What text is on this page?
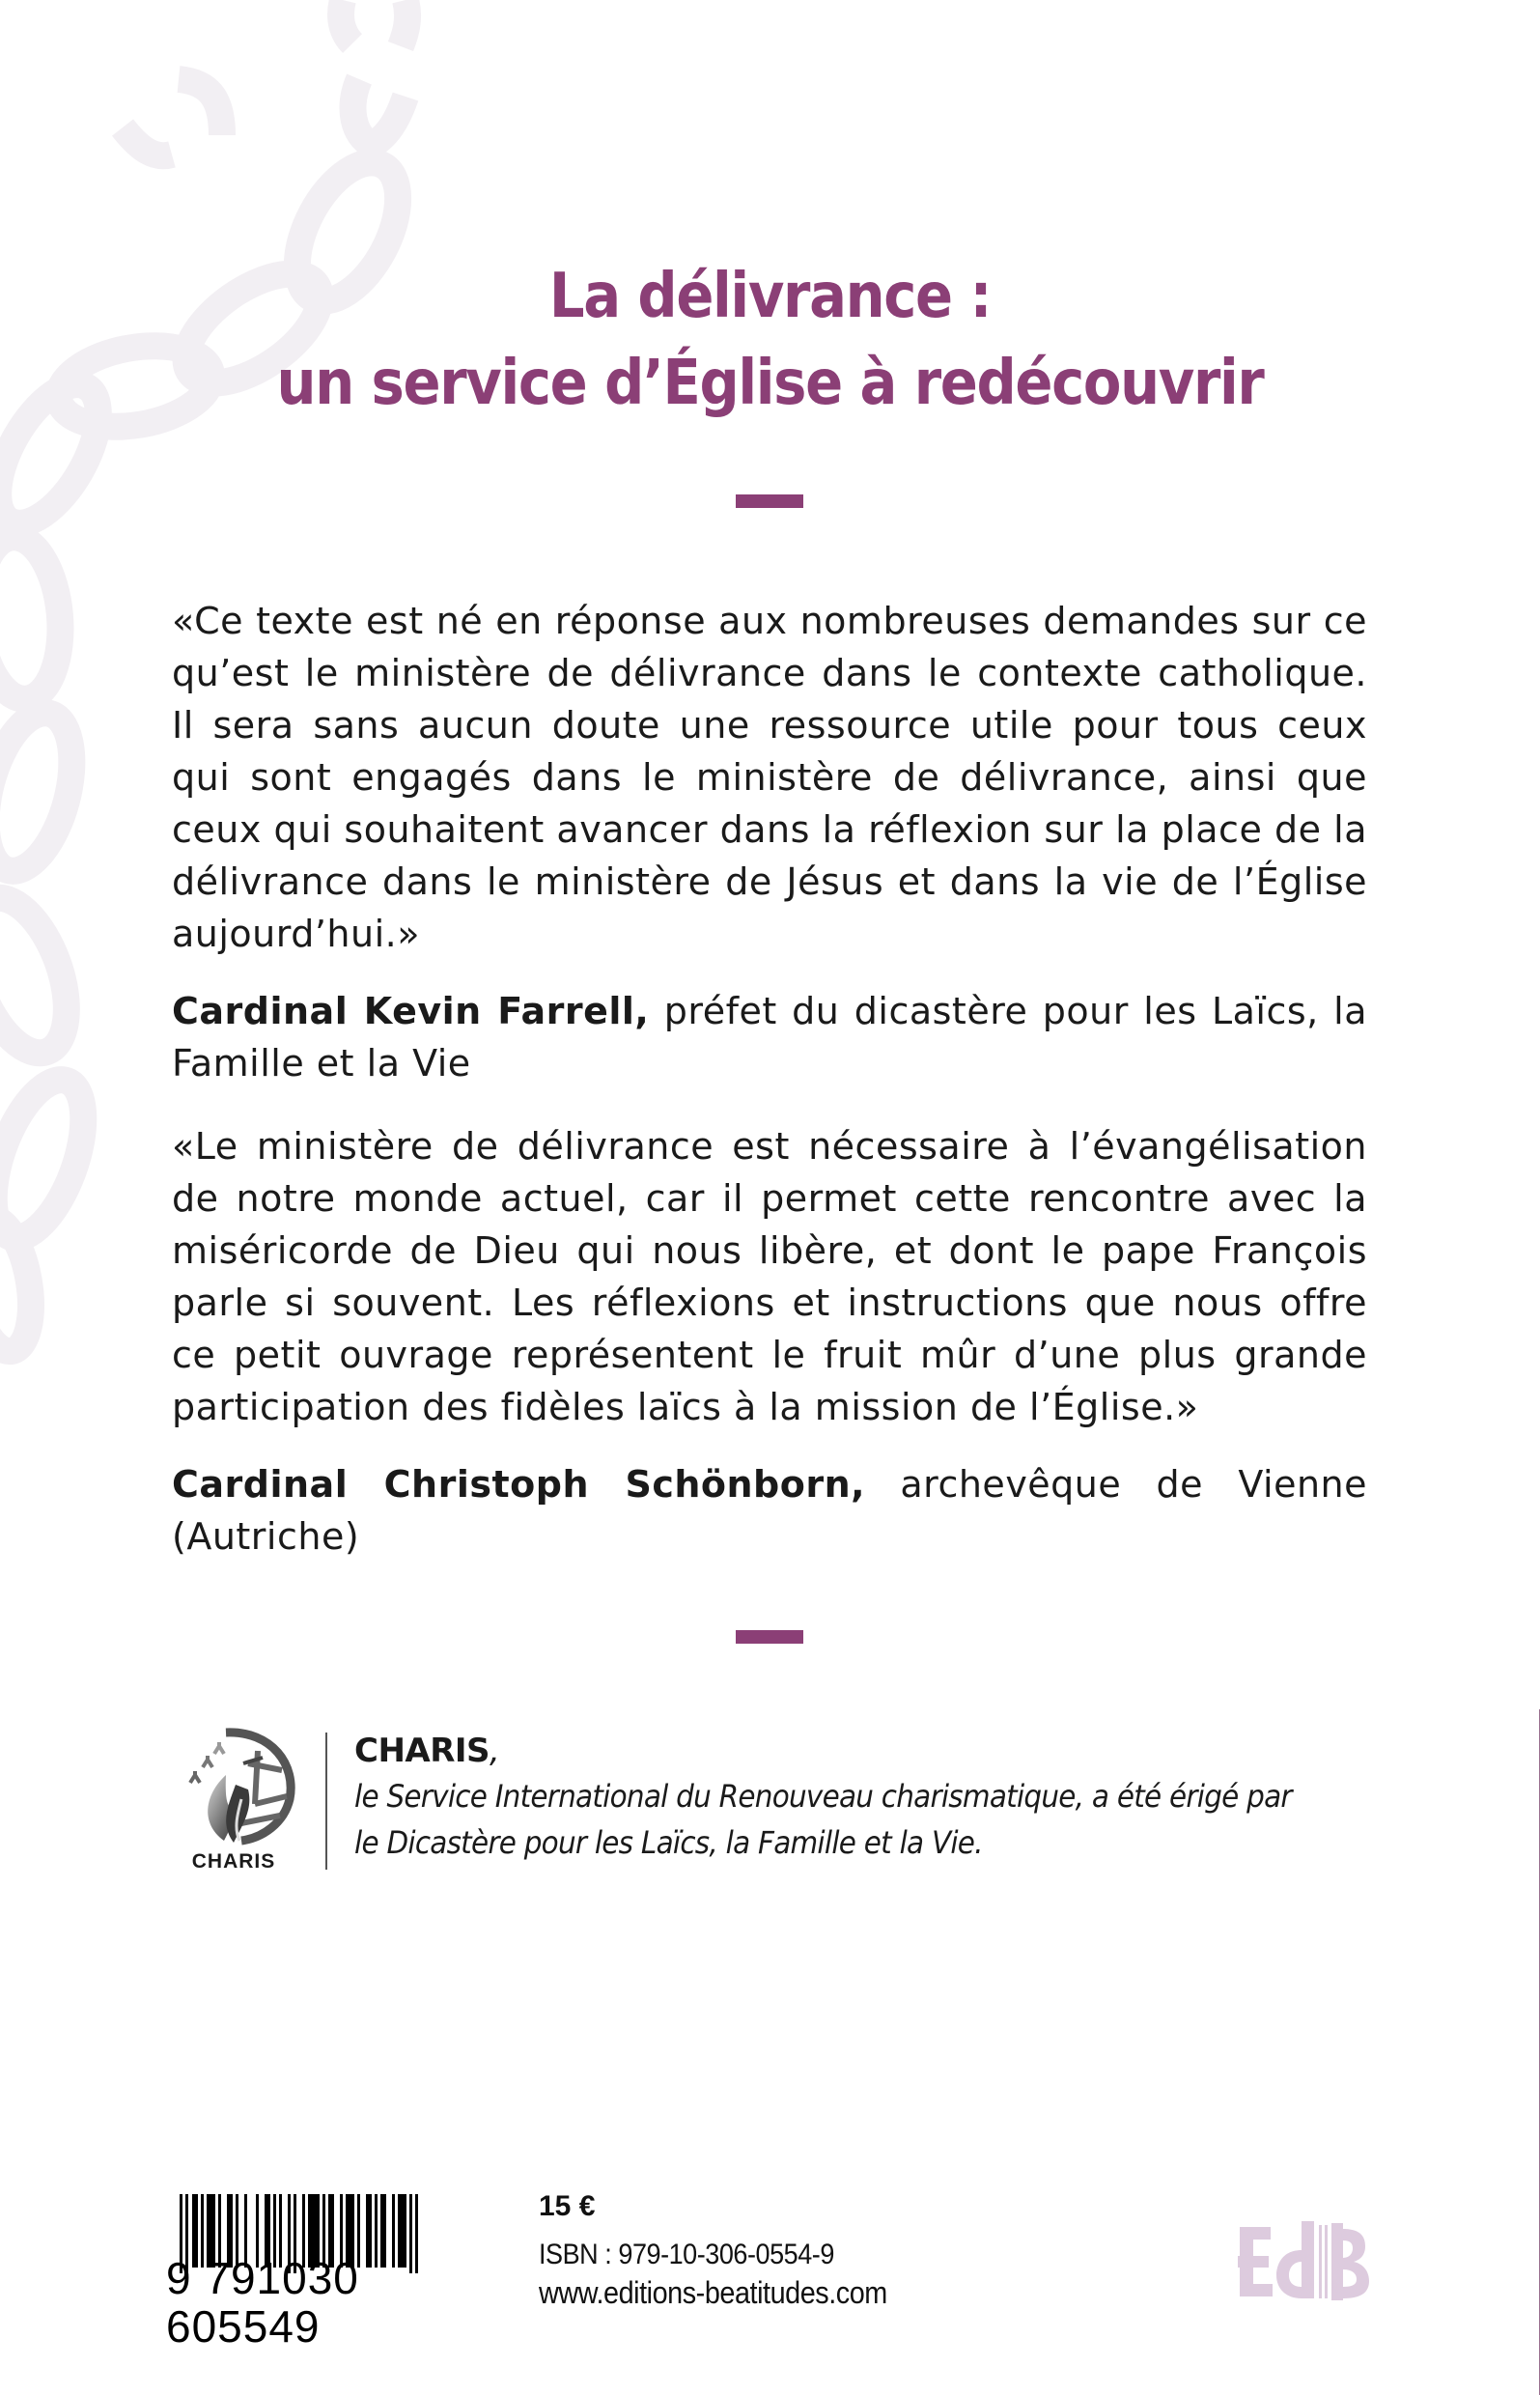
La délivrance :
un service d’Église à redécouvrir

«Ce texte est né en réponse aux nombreuses demandes sur ce qu’est le ministère de délivrance dans le contexte catholique. Il sera sans aucun doute une ressource utile pour tous ceux qui sont engagés dans le ministère de délivrance, ainsi que ceux qui souhaitent avancer dans la réflexion sur la place de la délivrance dans le ministère de Jésus et dans la vie de l’Église aujourd’hui.»

Cardinal Kevin Farrell, préfet du dicastère pour les Laïcs, la Famille et la Vie

«Le ministère de délivrance est nécessaire à l’évangélisation de notre monde actuel, car il permet cette rencontre avec la miséricorde de Dieu qui nous libère, et dont le pape François parle si souvent. Les réflexions et instructions que nous offre ce petit ouvrage représentent le fruit mûr d’une plus grande participation des fidèles laïcs à la mission de l’Église.»

Cardinal Christoph Schönborn, archevêque de Vienne (Autriche)

CHARIS
CHARIS,
le Service International du Renouveau charismatique, a été érigé par
le Dicastère pour les Laïcs, la Famille et la Vie.
9 791030 605549
15 €
ISBN : 979-10-306-0554-9
www.editions-beatitudes.com
